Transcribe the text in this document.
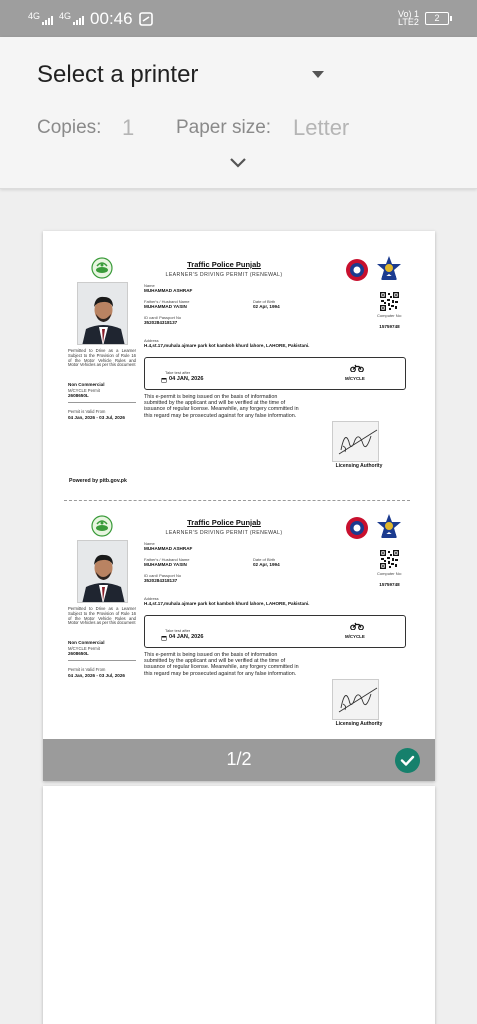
4G 4G 00:46	Vo) 1
LTE2	2
Select a printer
Copies: 1 Paper size: Letter
Traffic Police Punjab
LEARNER'S DRIVING PERMIT (RENEWAL)
Permitted to Drive as a Learner Subject to the Provision of Rule 16 of the Motor Vehicle Rules and Motor Vehicles as per this document
Non Commercial
M/CYCLE Permit
2608650L
Permit is Valid From
04 Jan, 2026 - 03 Jul, 2026
Name
MUHAMMAD ASHRAF
Father's / Husband Name
MUHAMMAD YASIN
Date of Birth
02 Apr, 1994
ID card/ Passport No
3520284318137
Computer No:
15759748
Address
H.4,st.17,muhala ajmare park kot kamboh khurd lahore, LAHORE, Pakistani.
Take test after
04 JAN, 2026	M/CYCLE
This e-permit is being issued on the basis of information submitted by the applicant and will be verified at the time of issuance of regular license. Meanwhile, any forgery committed in this regard may be prosecuted against for any false information.
Licensing Authority
Powered by pitb.gov.pk
Traffic Police Punjab
LEARNER'S DRIVING PERMIT (RENEWAL)
Permitted to Drive as a Learner Subject to the Provision of Rule 16 of the Motor Vehicle Rules and Motor Vehicles as per this document
Non Commercial
M/CYCLE Permit
2608650L
Permit is Valid From
04 Jan, 2026 - 03 Jul, 2026
Name
MUHAMMAD ASHRAF
Father's / Husband Name
MUHAMMAD YASIN
Date of Birth
02 Apr, 1994
ID card/ Passport No
3520284318137
Computer No:
15759748
Address
H.4,st.17,muhala ajmare park kot kamboh khurd lahore, LAHORE, Pakistani.
Take test after
04 JAN, 2026	M/CYCLE
This e-permit is being issued on the basis of information submitted by the applicant and will be verified at the time of issuance of regular license. Meanwhile, any forgery committed in this regard may be prosecuted against for any false information.
Licensing Authority
1/2
